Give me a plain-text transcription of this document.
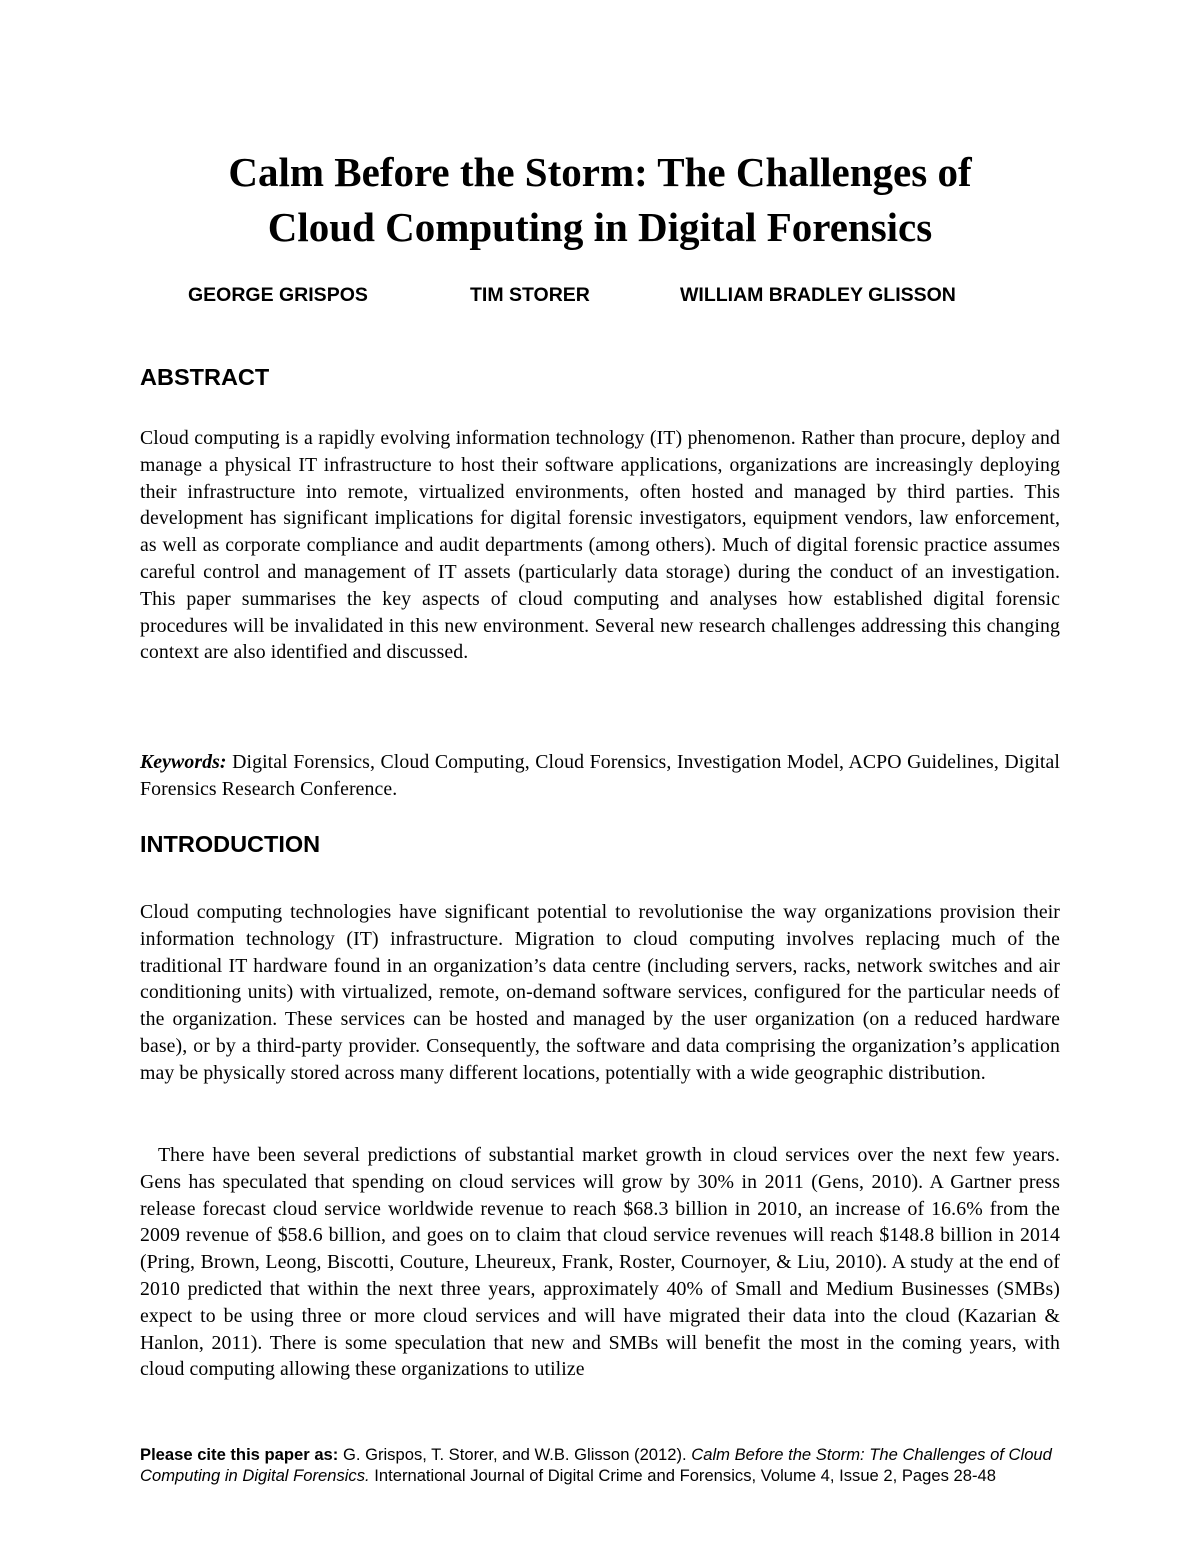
Calm Before the Storm: The Challenges of
Cloud Computing in Digital Forensics
GEORGE GRISPOS	TIM STORER	WILLIAM BRADLEY GLISSON
ABSTRACT

Cloud computing is a rapidly evolving information technology (IT) phenomenon. Rather than procure, deploy and manage a physical IT infrastructure to host their software applications, organizations are increasingly deploying their infrastructure into remote, virtualized environments, often hosted and managed by third parties. This development has significant implications for digital forensic investigators, equipment vendors, law enforcement, as well as corporate compliance and audit departments (among others). Much of digital forensic practice assumes careful control and management of IT assets (particularly data storage) during the conduct of an investigation. This paper summarises the key aspects of cloud computing and analyses how established digital forensic procedures will be invalidated in this new environment. Several new research challenges addressing this changing context are also identified and discussed.

Keywords: Digital Forensics, Cloud Computing, Cloud Forensics, Investigation Model, ACPO Guidelines, Digital Forensics Research Conference.

INTRODUCTION

Cloud computing technologies have significant potential to revolutionise the way organizations provision their information technology (IT) infrastructure. Migration to cloud computing involves replacing much of the traditional IT hardware found in an organization’s data centre (including servers, racks, network switches and air conditioning units) with virtualized, remote, on-demand software services, configured for the particular needs of the organization. These services can be hosted and managed by the user organization (on a reduced hardware base), or by a third-party provider. Consequently, the software and data comprising the organization’s application may be physically stored across many different locations, potentially with a wide geographic distribution.

There have been several predictions of substantial market growth in cloud services over the next few years. Gens has speculated that spending on cloud services will grow by 30% in 2011 (Gens, 2010). A Gartner press release forecast cloud service worldwide revenue to reach $68.3 billion in 2010, an increase of 16.6% from the 2009 revenue of $58.6 billion, and goes on to claim that cloud service revenues will reach $148.8 billion in 2014 (Pring, Brown, Leong, Biscotti, Couture, Lheureux, Frank, Roster, Cournoyer, & Liu, 2010). A study at the end of 2010 predicted that within the next three years, approximately 40% of Small and Medium Businesses (SMBs) expect to be using three or more cloud services and will have migrated their data into the cloud (Kazarian & Hanlon, 2011). There is some speculation that new and SMBs will benefit the most in the coming years, with cloud computing allowing these organizations to utilize

Please cite this paper as: G. Grispos, T. Storer, and W.B. Glisson (2012). Calm Before the Storm: The Challenges of Cloud Computing in Digital Forensics. International Journal of Digital Crime and Forensics, Volume 4, Issue 2, Pages 28-48
